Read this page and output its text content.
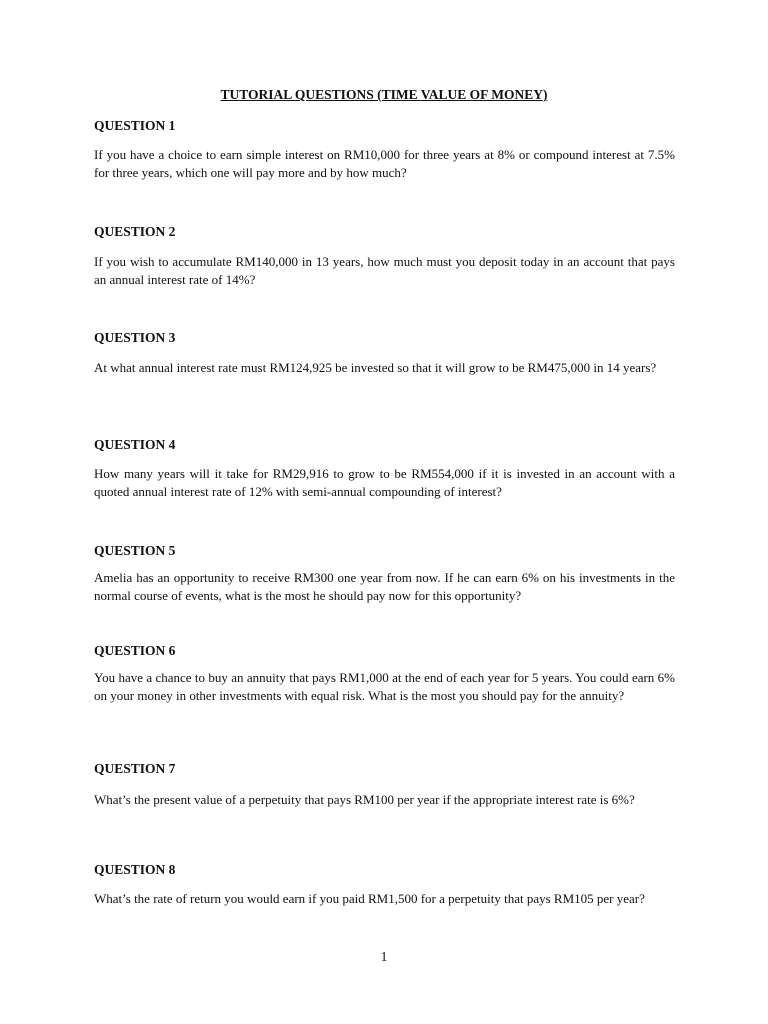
TUTORIAL QUESTIONS (TIME VALUE OF MONEY)
QUESTION 1
If you have a choice to earn simple interest on RM10,000 for three years at 8% or compound interest at 7.5% for three years, which one will pay more and by how much?
QUESTION 2
If you wish to accumulate RM140,000 in 13 years, how much must you deposit today in an account that pays an annual interest rate of 14%?
QUESTION 3
At what annual interest rate must RM124,925 be invested so that it will grow to be RM475,000 in 14 years?
QUESTION 4
How many years will it take for RM29,916 to grow to be RM554,000 if it is invested in an account with a quoted annual interest rate of 12% with semi-annual compounding of interest?
QUESTION 5
Amelia has an opportunity to receive RM300 one year from now. If he can earn 6% on his investments in the normal course of events, what is the most he should pay now for this opportunity?
QUESTION 6
You have a chance to buy an annuity that pays RM1,000 at the end of each year for 5 years. You could earn 6% on your money in other investments with equal risk. What is the most you should pay for the annuity?
QUESTION 7
What’s the present value of a perpetuity that pays RM100 per year if the appropriate interest rate is 6%?
QUESTION 8
What’s the rate of return you would earn if you paid RM1,500 for a perpetuity that pays RM105 per year?
1
